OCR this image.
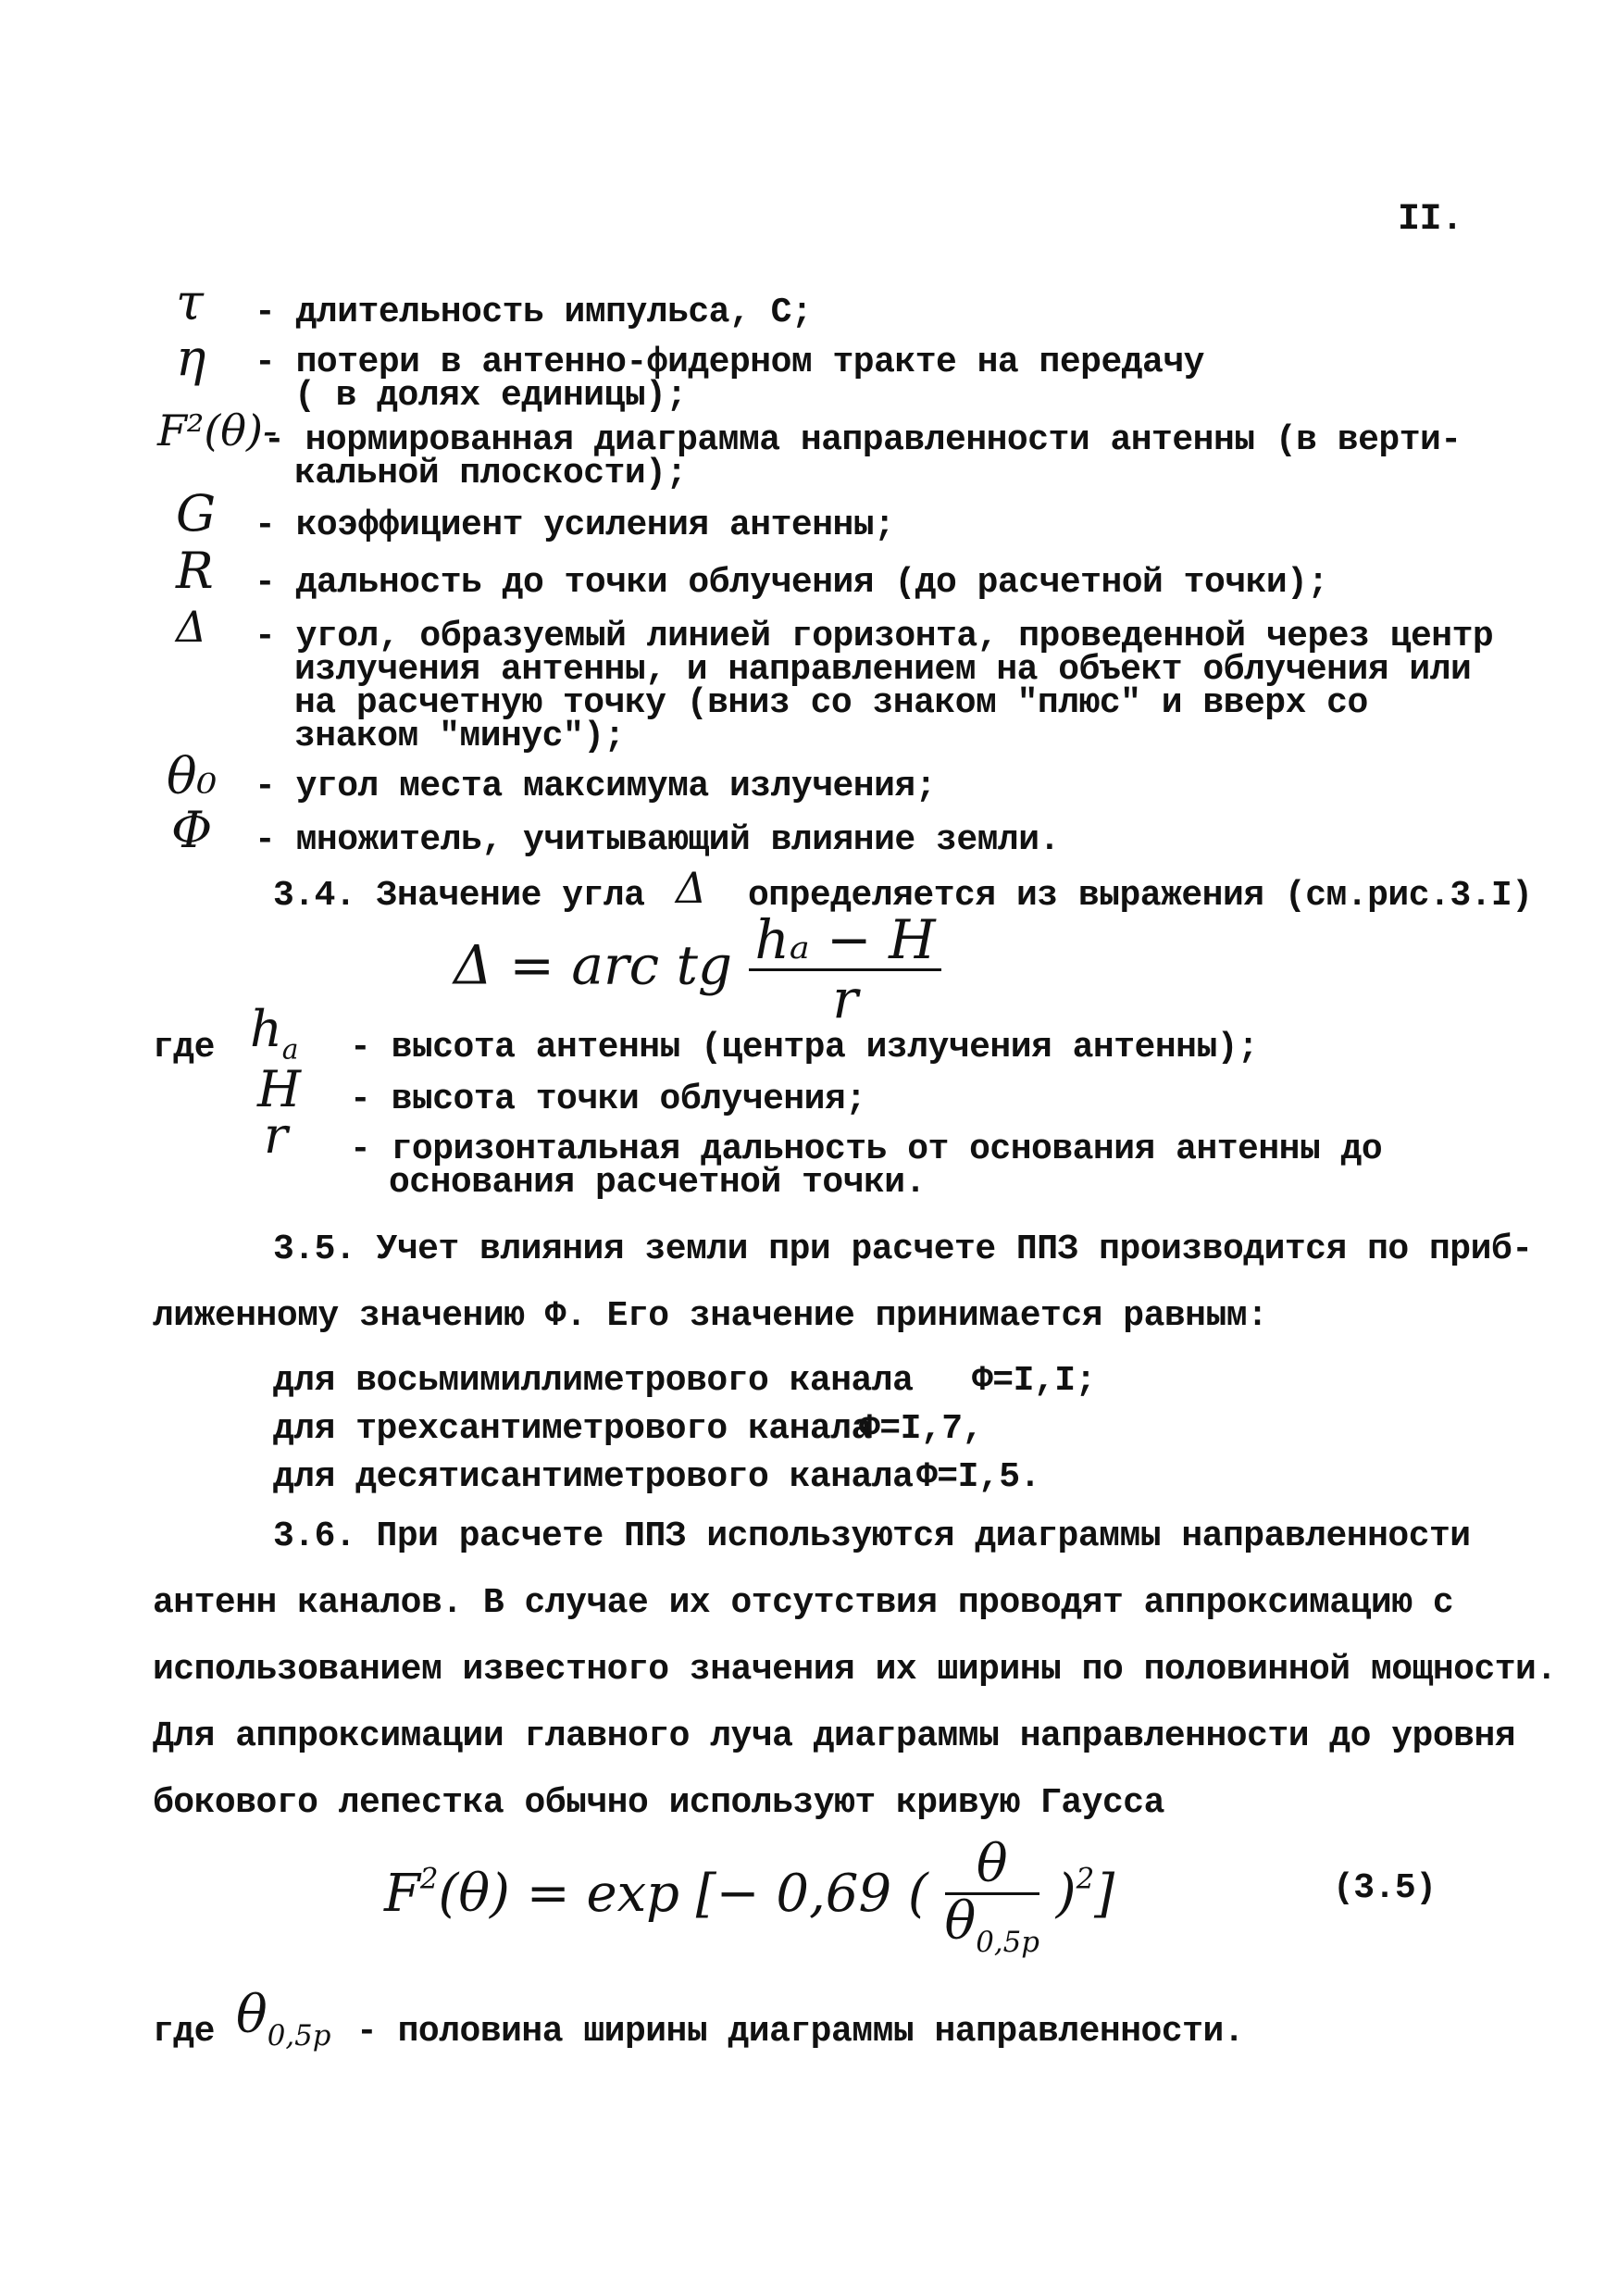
II.
τ - длительность импульса, С;
η - потери в антенно-фидерном тракте на передачу
( в долях единицы);
F²(θ)-
- нормированная диаграмма направленности антенны (в верти-
кальной плоскости);
G - коэффициент усиления антенны;
R - дальность до точки облучения (до расчетной точки);
Δ - угол, образуемый линией горизонта, проведенной через центр
излучения антенны, и направлением на объект облучения или
на расчетную точку (вниз со знаком "плюс" и вверх со
знаком "минус");
θ₀ - угол места максимума излучения;
Φ - множитель, учитывающий влияние земли.
3.4. Значение угла Δ определяется из выражения (см.рис.3.I)
Δ = arc tg $\frac{\text{hₐ − H}}{r}$
где $h_a$ - высота антенны (центра излучения антенны);
H - высота точки облучения;
r - горизонтальная дальность от основания антенны до
основания расчетной точки.
3.5. Учет влияния земли при расчете ППЗ производится по приб-
лиженному значению Ф. Его значение принимается равным:
для восьмимиллиметрового канала Ф=I,I;
для трехсантиметрового канала
Ф=I,7,
для десятисантиметрового канала Ф=I,5.
3.6. При расчете ППЗ используются диаграммы направленности
антенн каналов. В случае их отсутствия проводят аппроксимацию с
использованием известного значения их ширины по половинной мощности.
Для аппроксимации главного луча диаграммы направленности до уровня
бокового лепестка обычно используют кривую Гаусса
$F^2(\theta) = \exp$ [− 0,69 ( $\frac{\theta}{\theta_{0,5р}} )^2$]	(3.5)
где $\theta_{0,5р}$ - половина ширины диаграммы направленности.
